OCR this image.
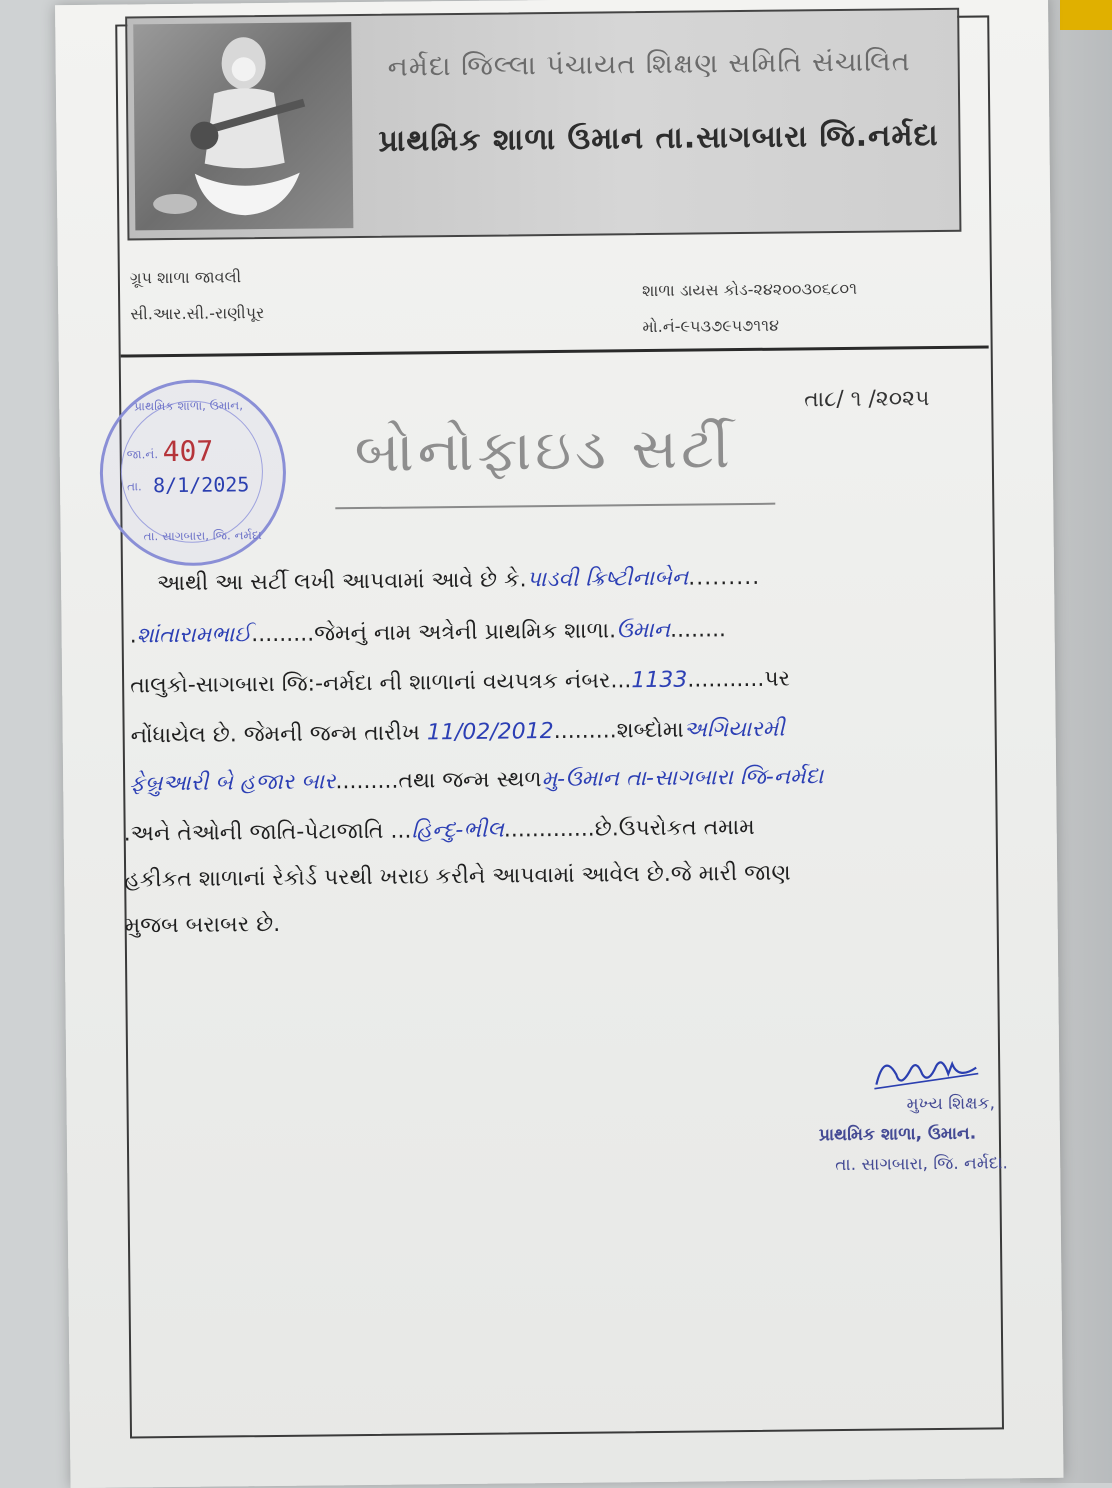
નર્મદા જિલ્લા પંચાયત શિક્ષણ સમિતિ સંચાલિત
પ્રાથમિક શાળા ઉમાન તા.સાગબારા જિ.નર્મદા
ગ્રૂપ શાળા જાવલી
સી.આર.સી.-રાણીપૂર
શાળા ડાયસ કોડ-૨૪૨૦૦૩૦૬૮૦૧
મો.નં-૯૫૩૭૯૫૭૧૧૪
તા૮/ ૧ /૨૦૨૫
પ્રાથમિક શાળા, ઉમાન,
જા.નં. 407
તા. 8/1/2025
તા. સાગબારા, જિ. નર્મદા
બોનોફાઇડ સર્ટી
આથી આ સર્ટી લખી આપવામાં આવે છે કે.પાડવી ક્રિષ્ટીનાબેન.........
.શાંતારામભાઈ.........જેમનું નામ અત્રેની પ્રાથમિક શાળા.ઉમાન........
તાલુકો-સાગબારા જિ:-નર્મદા ની શાળાનાં વયપત્રક નંબર...1133...........પર
નોંધાયેલ છે. જેમની જન્મ તારીખ 11/02/2012.........શબ્દોમાઅગિયારમી
ફેબ્રુઆરી બે હજાર બાર.........તથા જન્મ સ્થળમુ-ઉમાન તા-સાગબારા જિ-નર્મદા
.અને તેઓની જાતિ-પેટાજાતિ ...હિન્દુ-ભીલ.............છે.ઉપરોકત તમામ
હકીકત શાળાનાં રેકોર્ડ પરથી ખરાઇ કરીને આપવામાં આવેલ છે.જે મારી જાણ
મુજબ બરાબર છે.
મુખ્ય શિક્ષક,
પ્રાથમિક શાળા, ઉમાન.
તા. સાગબારા, જિ. નર્મદા.
